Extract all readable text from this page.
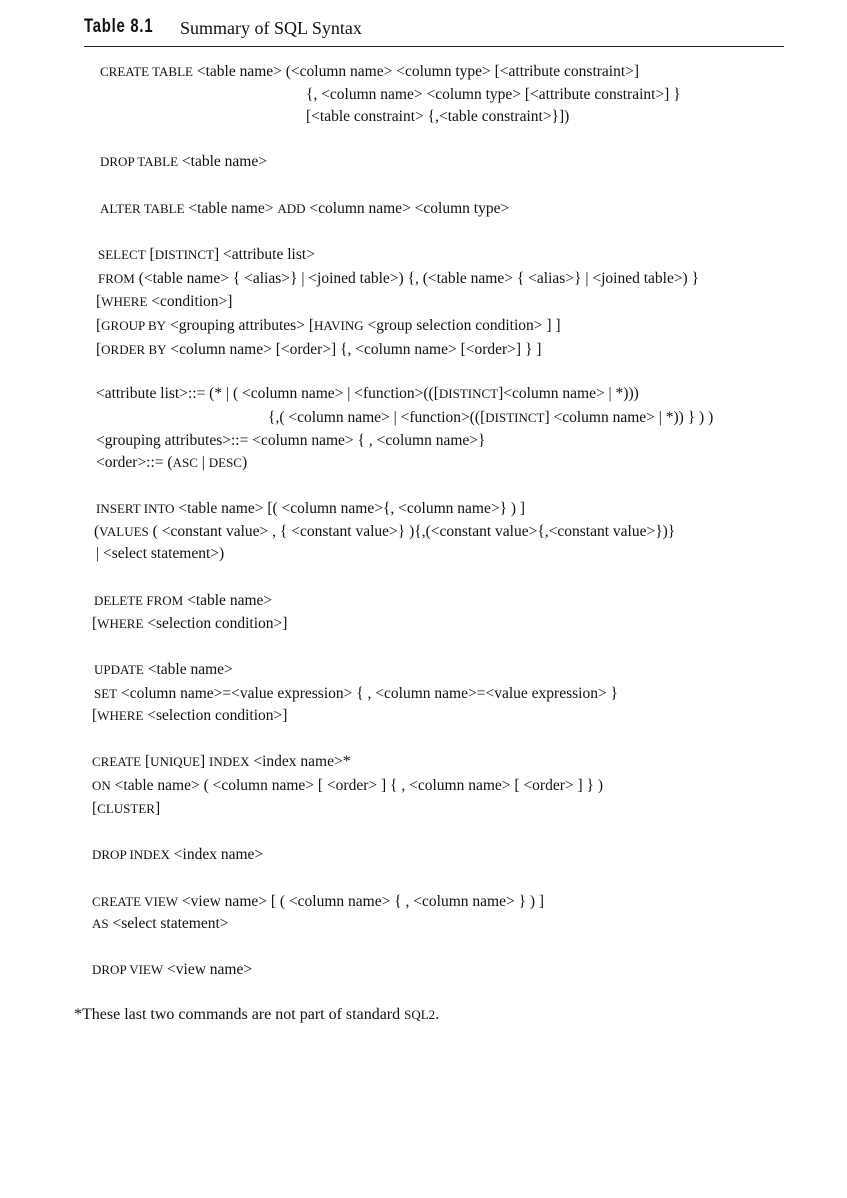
Table 8.1 Summary of SQL Syntax
CREATE TABLE <table name> (<column name> <column type> [<attribute constraint>]
{, <column name> <column type> [<attribute constraint>] }
[<table constraint> {,<table constraint>}])
DROP TABLE <table name>
ALTER TABLE <table name> ADD <column name> <column type>
SELECT [DISTINCT] <attribute list>
FROM (<table name> { <alias>} | <joined table>) {, (<table name> { <alias>} | <joined table>) }
[WHERE <condition>]
[GROUP BY <grouping attributes> [HAVING <group selection condition> ] ]
[ORDER BY <column name> [<order>] {, <column name> [<order>] } ]
<attribute list>::= (* | ( <column name> | <function>(([DISTINCT]<column name> | *)))
{,( <column name> | <function>(([DISTINCT] <column name> | *)) } ) )
<grouping attributes>::= <column name> { , <column name>}
<order>::= (ASC | DESC)
INSERT INTO <table name> [( <column name>{, <column name>} ) ]
(VALUES ( <constant value> , { <constant value>} ){,(<constant value>{,<constant value>})}
| <select statement>)
DELETE FROM <table name>
[WHERE <selection condition>]
UPDATE <table name>
SET <column name>=<value expression> { , <column name>=<value expression> }
[WHERE <selection condition>]
CREATE [UNIQUE] INDEX <index name>*
ON <table name> ( <column name> [ <order> ] { , <column name> [ <order> ] } )
[CLUSTER]
DROP INDEX <index name>
CREATE VIEW <view name> [ ( <column name> { , <column name> } ) ]
AS <select statement>
DROP VIEW <view name>
*These last two commands are not part of standard SQL2.
